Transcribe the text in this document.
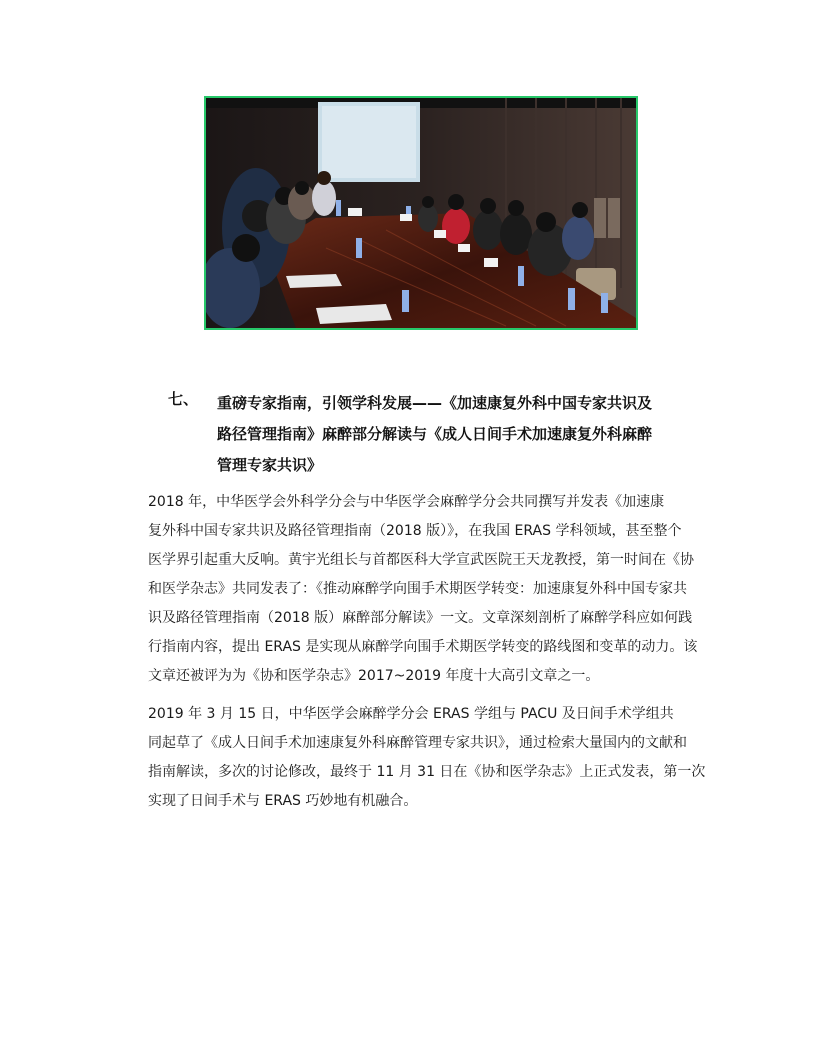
七、 重磅专家指南，引领学科发展——《加速康复外科中国专家共识及
路径管理指南》麻醉部分解读与《成人日间手术加速康复外科麻醉
管理专家共识》
2018 年，中华医学会外科学分会与中华医学会麻醉学分会共同撰写并发表《加速康
复外科中国专家共识及路径管理指南（2018 版）》，在我国 ERAS 学科领域，甚至整个
医学界引起重大反响。黄宇光组长与首都医科大学宣武医院王天龙教授，第一时间在《协
和医学杂志》共同发表了：《推动麻醉学向围手术期医学转变：加速康复外科中国专家共
识及路径管理指南（2018 版）麻醉部分解读》一文。文章深刻剖析了麻醉学科应如何践
行指南内容，提出 ERAS 是实现从麻醉学向围手术期医学转变的路线图和变革的动力。该
文章还被评为为《协和医学杂志》2017~2019 年度十大高引文章之一。
2019 年 3 月 15 日，中华医学会麻醉学分会 ERAS 学组与 PACU 及日间手术学组共
同起草了《成人日间手术加速康复外科麻醉管理专家共识》，通过检索大量国内的文献和
指南解读，多次的讨论修改，最终于 11 月 31 日在《协和医学杂志》上正式发表，第一次
实现了日间手术与 ERAS 巧妙地有机融合。
